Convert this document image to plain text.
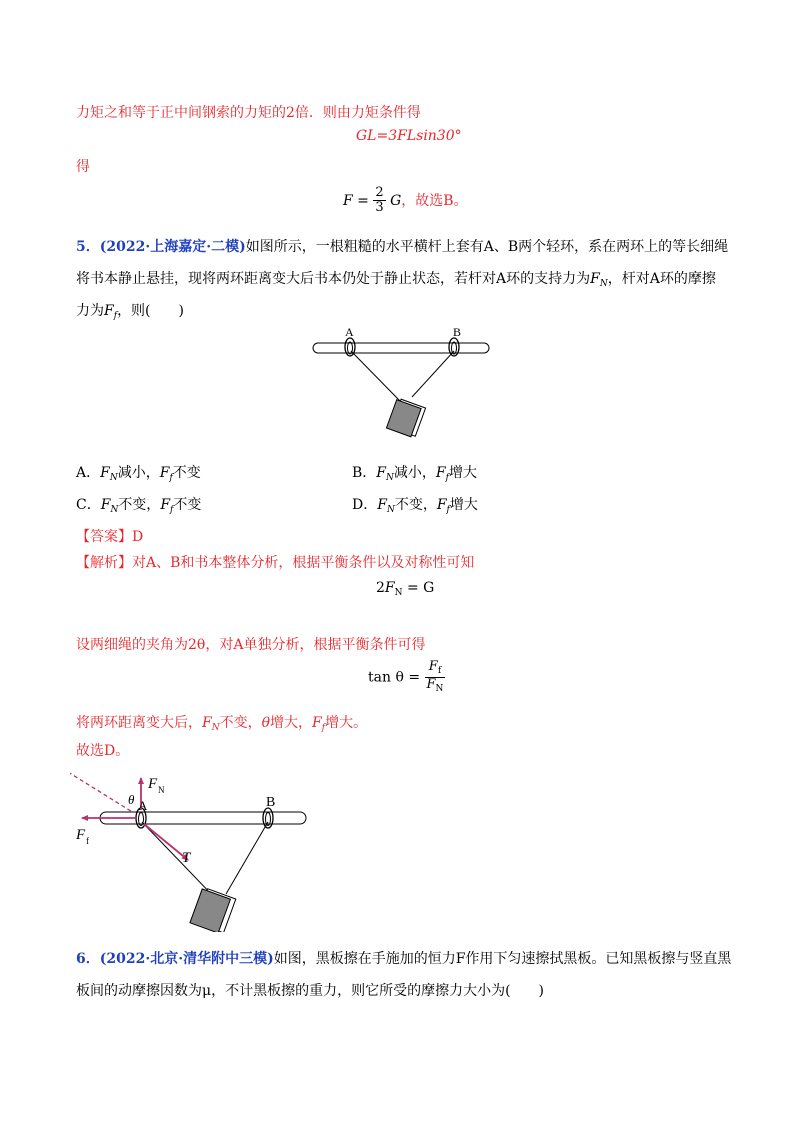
力矩之和等于正中间钢索的力矩的2倍．则由力矩条件得
GL=3FLsin30°
得
$F = \frac{2}{3}$ G，故选B。
5．(2022·上海嘉定·二模)如图所示，一根粗糙的水平横杆上套有A、B两个轻环，系在两环上的等长细绳
将书本静止悬挂，现将两环距离变大后书本仍处于静止状态，若杆对A环的支持力为$F_N$，杆对A环的摩擦
力为$F_f$，则(　　)
A	B
A．$F_N$减小，$F_f$不变	B．$F_N$减小，$F_f$增大
C．$F_N$不变，$F_f$不变	D．$F_N$不变，$F_f$增大
【答案】D
【解析】对A、B和书本整体分析，根据平衡条件以及对称性可知
$2F_N = G$
设两细绳的夹角为2θ，对A单独分析，根据平衡条件可得
$\tan \theta = \frac{F_f}{F_N}$
将两环距离变大后，$F_N$不变，θ增大，$F_f$增大。
故选D。
θ A	B
F N
F f
T
6．(2022·北京·清华附中三模)如图，黑板擦在手施加的恒力F作用下匀速擦拭黑板。已知黑板擦与竖直黑
板间的动摩擦因数为μ，不计黑板擦的重力，则它所受的摩擦力大小为(　　)
